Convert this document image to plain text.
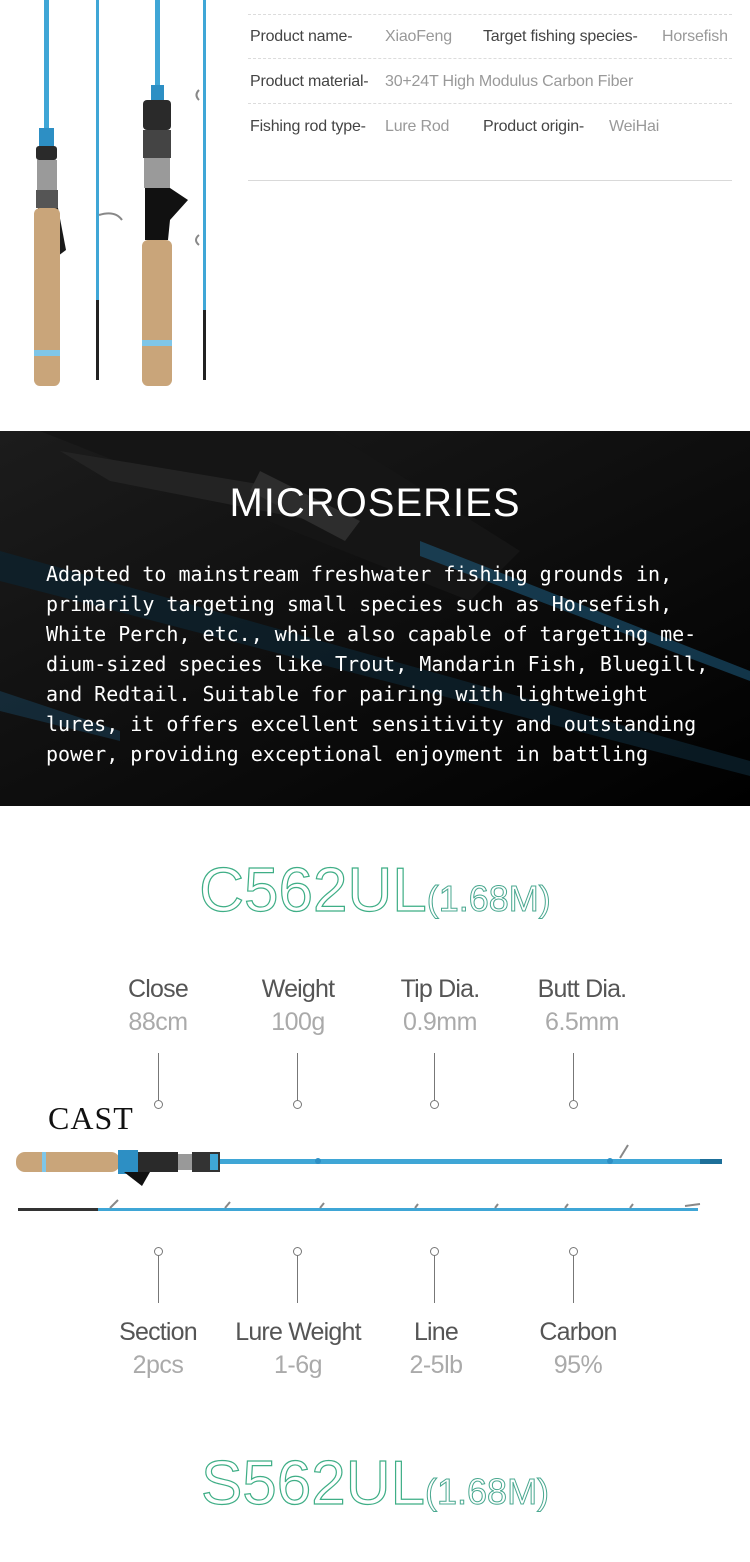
Product name- XiaoFeng Target fishing species- Horsefish
Product material- 30+24T High Modulus Carbon Fiber
Fishing rod type- Lure Rod Product origin- WeiHai
MICROSERIES
Adapted to mainstream freshwater fishing grounds in,
primarily targeting small species such as Horsefish,
White Perch, etc., while also capable of targeting me-
dium-sized species like Trout, Mandarin Fish, Bluegill,
and Redtail. Suitable for pairing with lightweight
lures, it offers excellent sensitivity and outstanding
power, providing exceptional enjoyment in battling
C562UL(1.68M)
Close
88cm
Weight
100g
Tip Dia.
0.9mm
Butt Dia.
6.5mm
CAST
Section
2pcs
Lure Weight
1-6g
Line
2-5lb
Carbon
95%
S562UL(1.68M)
